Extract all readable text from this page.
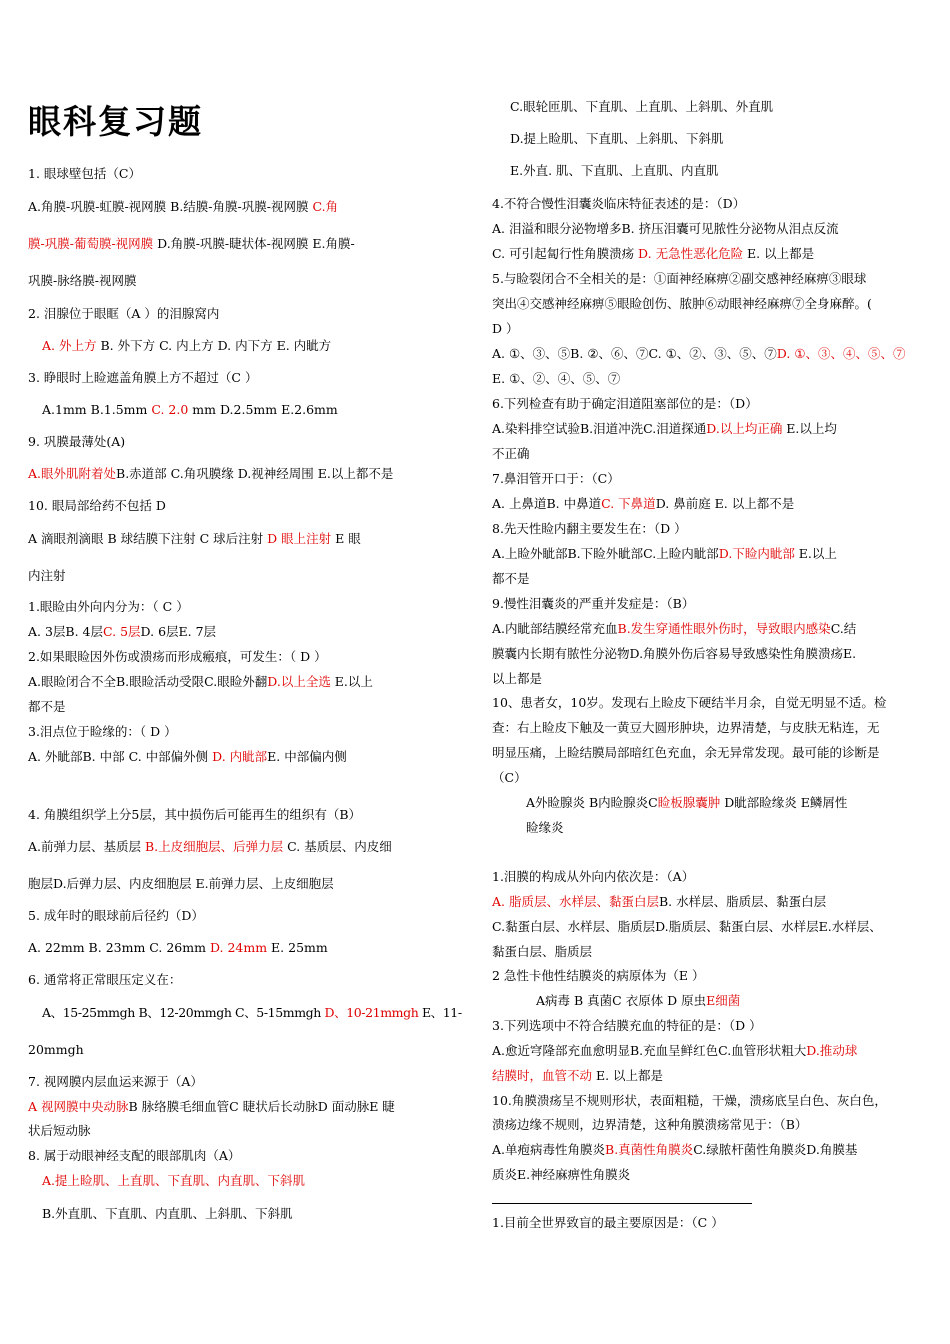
眼科复习题
1. 眼球壁包括（C）
A.角膜-巩膜-虹膜-视网膜 B.结膜-角膜-巩膜-视网膜 C.角
膜-巩膜-葡萄膜-视网膜 D.角膜-巩膜-睫状体-视网膜 E.角膜-
巩膜-脉络膜-视网膜
2. 泪腺位于眼眶（A ）的泪腺窝内
A. 外上方 B. 外下方 C. 内上方 D. 内下方 E. 内眦方
3. 睁眼时上睑遮盖角膜上方不超过（C ）
A.1mm B.1.5mm C. 2.0 mm D.2.5mm E.2.6mm
9. 巩膜最薄处(A)
A.眼外肌附着处B.赤道部 C.角巩膜缘 D.视神经周围 E.以上都不是
10. 眼局部给药不包括 D
A 滴眼剂滴眼 B 球结膜下注射 C 球后注射 D 眼上注射 E 眼
内注射
1.眼睑由外向内分为：（ C ）
A. 3层B. 4层C. 5层D. 6层E. 7层
2.如果眼睑因外伤或溃疡而形成瘢痕，可发生：（ D ）
A.眼睑闭合不全B.眼睑活动受限C.眼睑外翻D.以上全选 E.以上
都不是
3.泪点位于睑缘的：（ D ）
A. 外眦部B. 中部 C. 中部偏外侧 D. 内眦部E. 中部偏内侧
4. 角膜组织学上分5层，其中损伤后可能再生的组织有（B）
A.前弹力层、基质层 B.上皮细胞层、后弹力层 C. 基质层、内皮细
胞层D.后弹力层、内皮细胞层 E.前弹力层、上皮细胞层
5. 成年时的眼球前后径约（D）
A. 22mm B. 23mm C. 26mm D. 24mm E. 25mm
6. 通常将正常眼压定义在：
A、15-25mmgh B、12-20mmgh C、5-15mmgh D、10-21mmgh E、11-
20mmgh
7. 视网膜内层血运来源于（A）
A 视网膜中央动脉B 脉络膜毛细血管C 睫状后长动脉D 面动脉E 睫
状后短动脉
8. 属于动眼神经支配的眼部肌肉（A）
A.提上睑肌、上直肌、下直肌、内直肌、下斜肌
B.外直肌、下直肌、内直肌、上斜肌、下斜肌
C.眼轮匝肌、下直肌、上直肌、上斜肌、外直肌
D.提上睑肌、下直肌、上斜肌、下斜肌
E.外直. 肌、下直肌、上直肌、内直肌
4.不符合慢性泪囊炎临床特征表述的是：（D）
A. 泪溢和眼分泌物增多B. 挤压泪囊可见脓性分泌物从泪点反流
C. 可引起匐行性角膜溃疡 D. 无急性恶化危险 E. 以上都是
5.与睑裂闭合不全相关的是：①面神经麻痹②副交感神经麻痹③眼球
突出④交感神经麻痹⑤眼睑创伤、脓肿⑥动眼神经麻痹⑦全身麻醉。(
D ）
A. ①、③、⑤B. ②、⑥、⑦C. ①、②、③、⑤、⑦D. ①、③、④、⑤、⑦
E. ①、②、④、⑤、⑦
6.下列检查有助于确定泪道阻塞部位的是：（D）
A.染料排空试验B.泪道冲洗C.泪道探通D.以上均正确 E.以上均
不正确
7.鼻泪管开口于：（C）
A. 上鼻道B. 中鼻道C. 下鼻道D. 鼻前庭 E. 以上都不是
8.先天性睑内翻主要发生在：（D ）
A.上睑外眦部B.下睑外眦部C.上睑内眦部D.下睑内眦部 E.以上
都不是
9.慢性泪囊炎的严重并发症是：（B）
A.内眦部结膜经常充血B.发生穿通性眼外伤时，导致眼内感染C.结
膜囊内长期有脓性分泌物D.角膜外伤后容易导致感染性角膜溃疡E.
以上都是
10、患者女，10岁。发现右上睑皮下硬结半月余，自觉无明显不适。检
查：右上睑皮下触及一黄豆大圆形肿块，边界清楚，与皮肤无粘连，无
明显压痛，上睑结膜局部暗红色充血，余无异常发现。最可能的诊断是
（C）
A外睑腺炎 B内睑腺炎C睑板腺囊肿 D眦部睑缘炎 E鳞屑性
睑缘炎
1.泪膜的构成从外向内依次是：（A）
A. 脂质层、水样层、黏蛋白层B. 水样层、脂质层、黏蛋白层
C.黏蛋白层、水样层、脂质层D.脂质层、黏蛋白层、水样层E.水样层、
黏蛋白层、脂质层
2 急性卡他性结膜炎的病原体为（E ）
A病毒 B 真菌C 衣原体 D 原虫E细菌
3.下列选项中不符合结膜充血的特征的是：（D ）
A.愈近穹隆部充血愈明显B.充血呈鲜红色C.血管形状粗大D.推动球
结膜时，血管不动 E. 以上都是
10.角膜溃疡呈不规则形状，表面粗糙，干燥，溃疡底呈白色、灰白色，
溃疡边缘不规则，边界清楚，这种角膜溃疡常见于：（B）
A.单疱病毒性角膜炎B.真菌性角膜炎C.绿脓杆菌性角膜炎D.角膜基
质炎E.神经麻痹性角膜炎
1.目前全世界致盲的最主要原因是：（C ）
